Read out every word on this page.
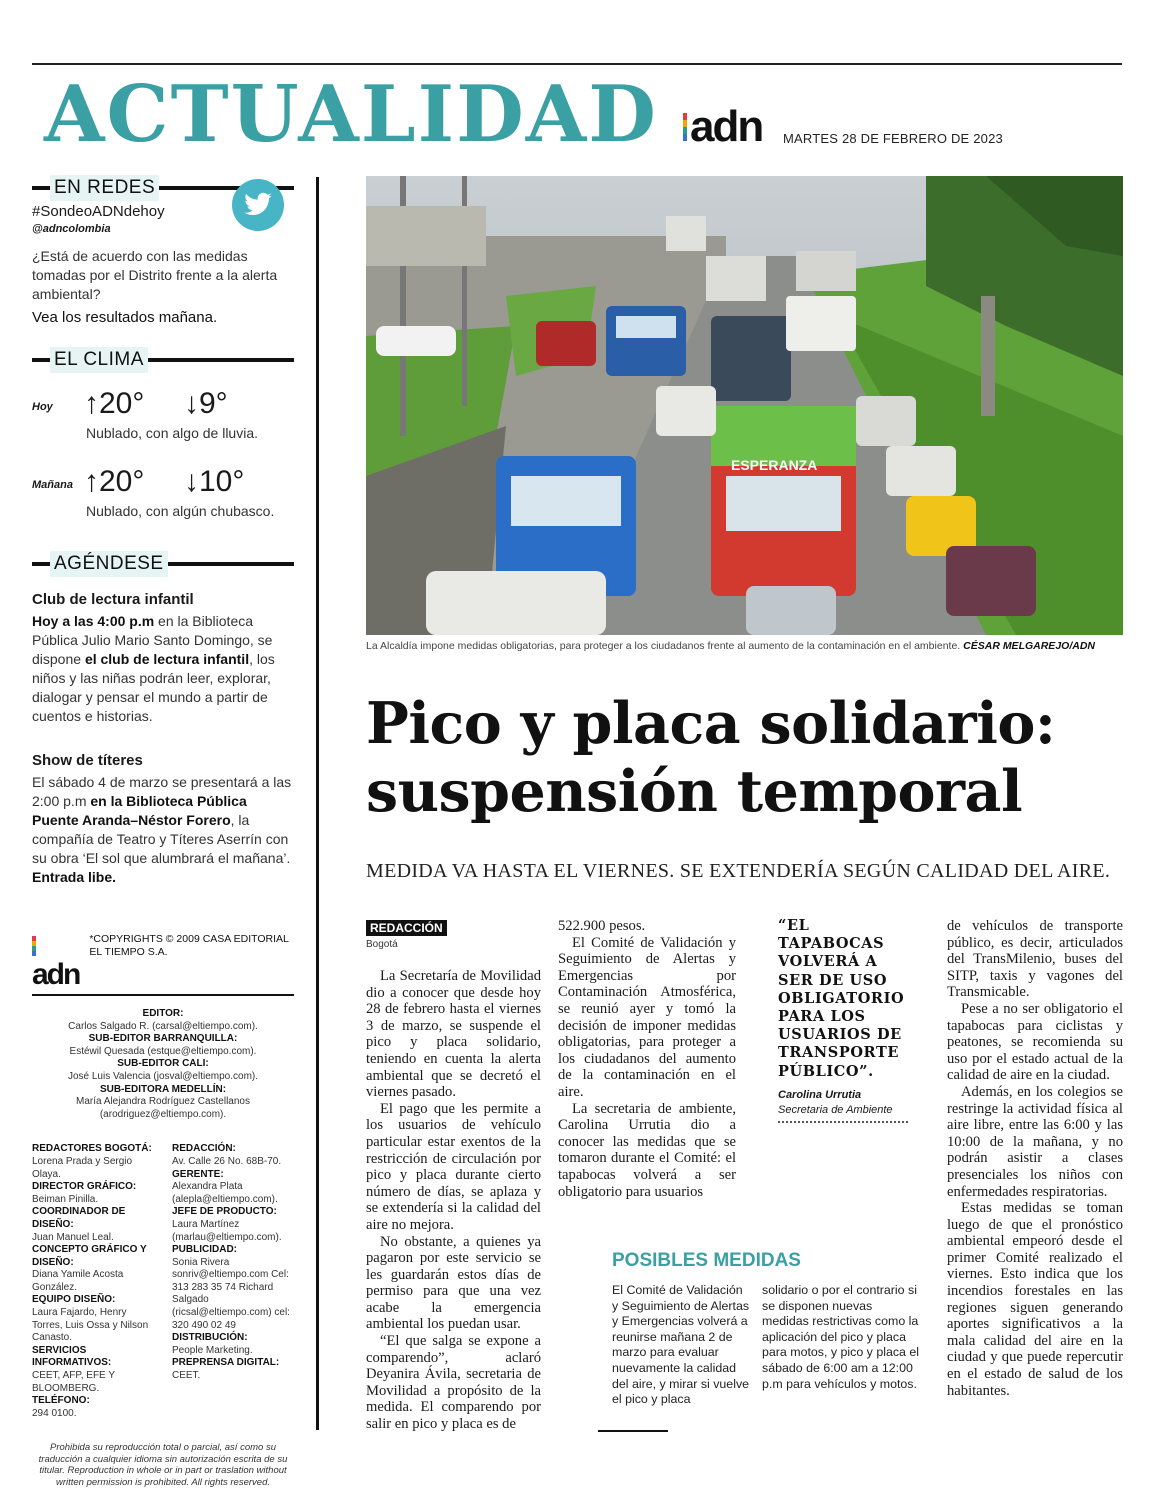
ACTUALIDAD adn MARTES 28 DE FEBRERO DE 2023
EN REDES
#SondeoADNdehoy
@adncolombia
¿Está de acuerdo con las medidas tomadas por el Distrito frente a la alerta ambiental?
Vea los resultados mañana.
EL CLIMA
Hoy ↑20° ↓9°
Nublado, con algo de lluvia.
Mañana ↑20° ↓10°
Nublado, con algún chubasco.
AGÉNDESE
Club de lectura infantil
Hoy a las 4:00 p.m en la Biblioteca Pública Julio Mario Santo Domingo, se dispone el club de lectura infantil, los niños y las niñas podrán leer, explorar, dialogar y pensar el mundo a partir de cuentos e historias.
Show de títeres
El sábado 4 de marzo se presentará a las 2:00 p.m en la Biblioteca Pública Puente Aranda–Néstor Forero, la compañía de Teatro y Títeres Aserrín con su obra ‘El sol que alumbrará el mañana’. Entrada libe.
adn
*COPYRIGHTS © 2009 CASA EDITORIAL EL TIEMPO S.A.
EDITOR:
Carlos Salgado R. (carsal@eltiempo.com).
SUB-EDITOR BARRANQUILLA:
Estéwil Quesada (estque@eltiempo.com).
SUB-EDITOR CALI:
José Luis Valencia (josval@eltiempo.com).
SUB-EDITORA MEDELLÍN:
María Alejandra Rodríguez Castellanos (arodriguez@eltiempo.com).
REDACTORES BOGOTÁ:
Lorena Prada y Sergio Olaya.
DIRECTOR GRÁFICO:
Beiman Pinilla.
COORDINADOR DE DISEÑO:
Juan Manuel Leal.
CONCEPTO GRÁFICO Y DISEÑO:
Diana Yamile Acosta González.
EQUIPO DISEÑO:
Laura Fajardo, Henry Torres, Luis Ossa y Nilson Canasto.
SERVICIOS INFORMATIVOS:
CEET, AFP, EFE Y BLOOMBERG.
TELÉFONO:
294 0100.
REDACCIÓN:
Av. Calle 26 No. 68B-70.
GERENTE:
Alexandra Plata (alepla@eltiempo.com).
JEFE DE PRODUCTO:
Laura Martínez (marlau@eltiempo.com).
PUBLICIDAD:
Sonia Rivera sonriv@eltiempo.com Cel: 313 283 35 74 Richard Salgado (ricsal@eltiempo.com) cel: 320 490 02 49
DISTRIBUCIÓN:
People Marketing.
PREPRENSA DIGITAL:
CEET.
Prohibida su reproducción total o parcial, así como su traducción a cualquier idioma sin autorización escrita de su titular. Reproduction in whole or in part or traslation without written permission is prohibited. All rights reserved.
ESPERANZA
La Alcaldía impone medidas obligatorias, para proteger a los ciudadanos frente al aumento de la contaminación en el ambiente. CÉSAR MELGAREJO/ADN
Pico y placa solidario:
suspensión temporal
MEDIDA VA HASTA EL VIERNES. SE EXTENDERÍA SEGÚN CALIDAD DEL AIRE.
REDACCIÓN
Bogotá

La Secretaría de Movilidad dio a conocer que desde hoy 28 de febrero hasta el viernes 3 de marzo, se suspende el pico y placa solidario, teniendo en cuenta la alerta ambiental que se decretó el viernes pasado.

El pago que les permite a los usuarios de vehículo particular estar exentos de la restricción de circulación por pico y placa durante cierto número de días, se aplaza y se extendería si la calidad del aire no mejora.

No obstante, a quienes ya pagaron por este servicio se les guardarán estos días de permiso para que una vez acabe la emergencia ambiental los puedan usar.

“El que salga se expone a comparendo”, aclaró Deyanira Ávila, secretaria de Movilidad a propósito de la medida. El comparendo por salir en pico y placa es de

522.900 pesos.

El Comité de Validación y Seguimiento de Alertas y Emergencias por Contaminación Atmosférica, se reunió ayer y tomó la decisión de imponer medidas obligatorias, para proteger a los ciudadanos del aumento de la contaminación en el aire.

La secretaria de ambiente, Carolina Urrutia dio a conocer las medidas que se tomaron durante el Comité: el tapabocas volverá a ser obligatorio para usuarios

“EL TAPABOCAS VOLVERÁ A SER DE USO OBLIGATORIO PARA LOS USUARIOS DE TRANSPORTE PÚBLICO”.
Carolina Urrutia
Secretaria de Ambiente

de vehículos de transporte público, es decir, articulados del TransMilenio, buses del SITP, taxis y vagones del Transmicable.

Pese a no ser obligatorio el tapabocas para ciclistas y peatones, se recomienda su uso por el estado actual de la calidad de aire en la ciudad.

Además, en los colegios se restringe la actividad física al aire libre, entre las 6:00 y las 10:00 de la mañana, y no podrán asistir a clases presenciales los niños con enfermedades respiratorias.

Estas medidas se toman luego de que el pronóstico ambiental empeoró desde el primer Comité realizado el viernes. Esto indica que los incendios forestales en las regiones siguen generando aportes significativos a la mala calidad del aire en la ciudad y que puede repercutir en el estado de salud de los habitantes.

POSIBLES MEDIDAS
El Comité de Validación y Seguimiento de Alertas y Emergencias volverá a reunirse mañana 2 de marzo para evaluar nuevamente la calidad del aire, y mirar si vuelve el pico y placa
solidario o por el contrario si se disponen nuevas medidas restrictivas como la aplicación del pico y placa para motos, y pico y placa el sábado de 6:00 am a 12:00 p.m para vehículos y motos.
